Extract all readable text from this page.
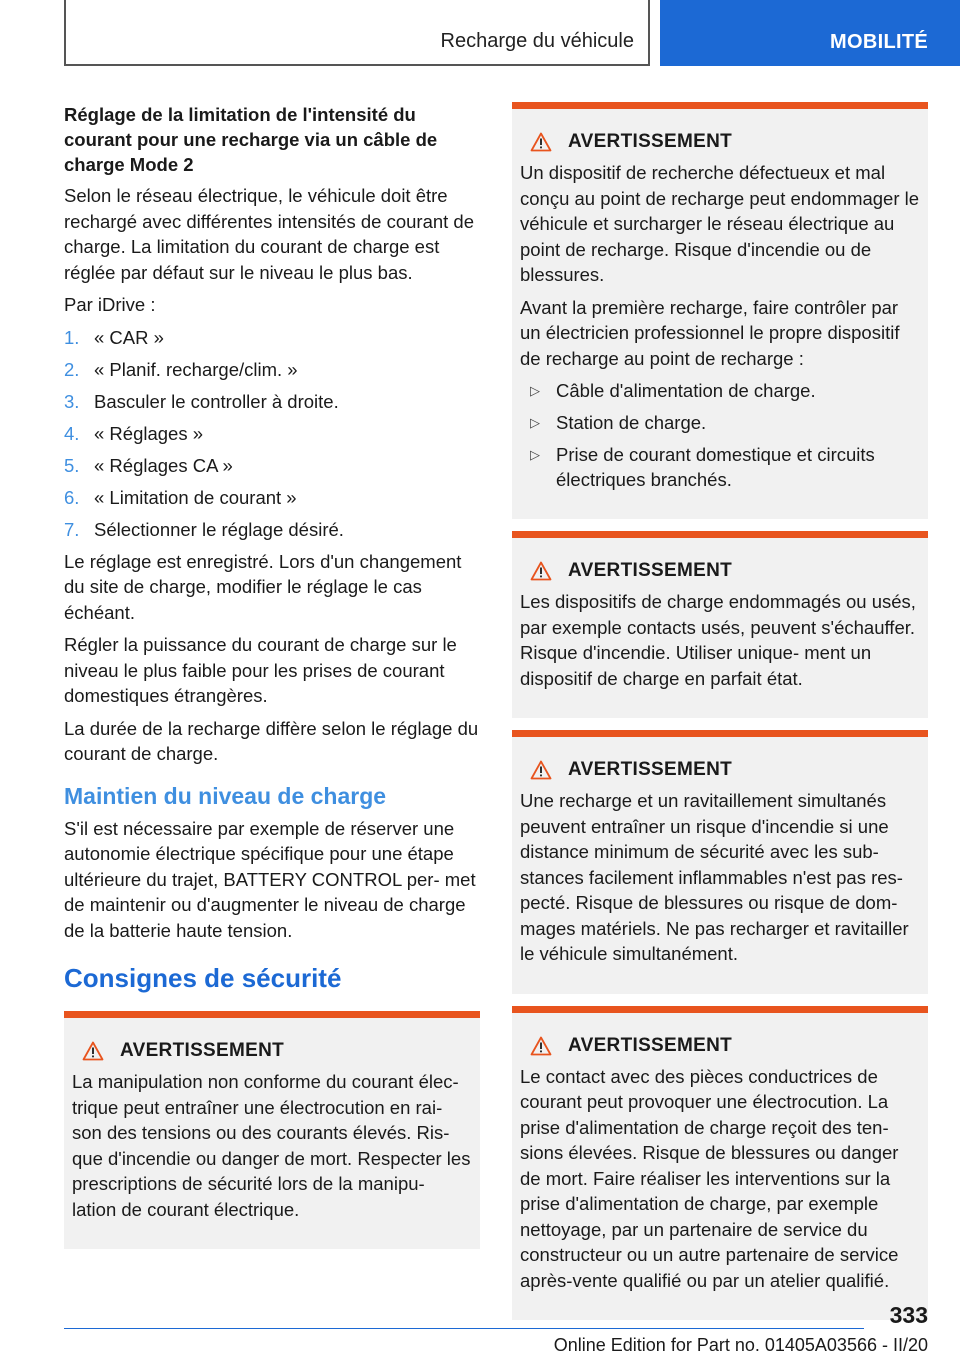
Recharge du véhicule	MOBILITÉ
Réglage de la limitation de l'intensité du courant pour une recharge via un câble de charge Mode 2

Selon le réseau électrique, le véhicule doit être rechargé avec différentes intensités de courant de charge. La limitation du courant de charge est réglée par défaut sur le niveau le plus bas.

Par iDrive :

1. « CAR »
2. « Planif. recharge/clim. »
3. Basculer le controller à droite.
4. « Réglages »
5. « Réglages CA »
6. « Limitation de courant »
7. Sélectionner le réglage désiré.

Le réglage est enregistré. Lors d'un changement du site de charge, modifier le réglage le cas échéant.

Régler la puissance du courant de charge sur le niveau le plus faible pour les prises de courant domestiques étrangères.

La durée de la recharge diffère selon le réglage du courant de charge.

Maintien du niveau de charge

S'il est nécessaire par exemple de réserver une autonomie électrique spécifique pour une étape ultérieure du trajet, BATTERY CONTROL per‐ met de maintenir ou d'augmenter le niveau de charge de la batterie haute tension.

Consignes de sécurité
AVERTISSEMENT

La manipulation non conforme du courant élec‐ trique peut entraîner une électrocution en rai‐ son des tensions ou des courants élevés. Ris‐ que d'incendie ou danger de mort. Respecter les prescriptions de sécurité lors de la manipu‐ lation de courant électrique.

AVERTISSEMENT

Un dispositif de recherche défectueux et mal conçu au point de recharge peut endommager le véhicule et surcharger le réseau électrique au point de recharge. Risque d'incendie ou de blessures.

Avant la première recharge, faire contrôler par un électricien professionnel le propre dispositif de recharge au point de recharge :

▷ Câble d'alimentation de charge.
▷ Station de charge.
▷ Prise de courant domestique et circuits électriques branchés.
AVERTISSEMENT

Les dispositifs de charge endommagés ou usés, par exemple contacts usés, peuvent s'échauffer. Risque d'incendie. Utiliser unique‐ ment un dispositif de charge en parfait état.

AVERTISSEMENT

Une recharge et un ravitaillement simultanés peuvent entraîner un risque d'incendie si une distance minimum de sécurité avec les sub‐ stances facilement inflammables n'est pas res‐ pecté. Risque de blessures ou risque de dom‐ mages matériels. Ne pas recharger et ravitailler le véhicule simultanément.

AVERTISSEMENT

Le contact avec des pièces conductrices de courant peut provoquer une électrocution. La prise d'alimentation de charge reçoit des ten‐ sions élevées. Risque de blessures ou danger de mort. Faire réaliser les interventions sur la prise d'alimentation de charge, par exemple nettoyage, par un partenaire de service du constructeur ou un autre partenaire de service après-vente qualifié ou par un atelier qualifié.

333
Online Edition for Part no. 01405A03566 - II/20
